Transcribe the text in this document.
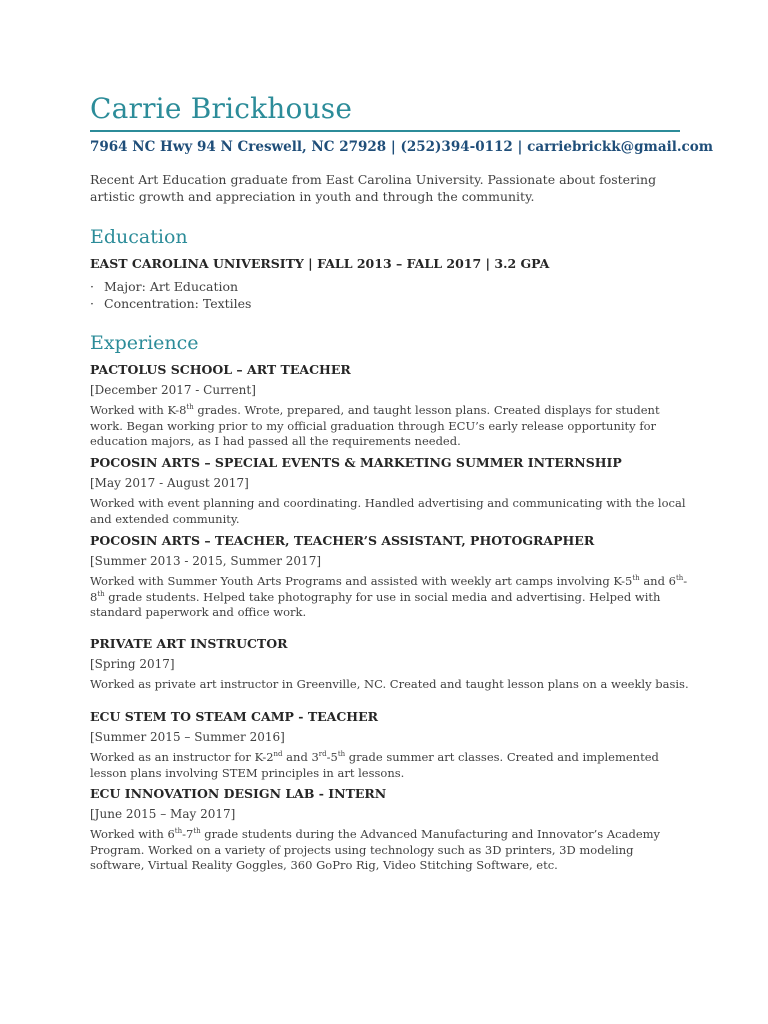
Carrie Brickhouse
7964 NC Hwy 94 N Creswell, NC 27928 | (252)394-0112 | carriebrickk@gmail.com
Recent Art Education graduate from East Carolina University. Passionate about fostering artistic growth and appreciation in youth and through the community.
Education
EAST CAROLINA UNIVERSITY | FALL 2013 – FALL 2017 | 3.2 GPA
· Major: Art Education
· Concentration: Textiles
Experience
PACTOLUS SCHOOL – ART TEACHER
[December 2017 - Current]
Worked with K-8th grades. Wrote, prepared, and taught lesson plans. Created displays for student work. Began working prior to my official graduation through ECU’s early release opportunity for education majors, as I had passed all the requirements needed.
POCOSIN ARTS – SPECIAL EVENTS & MARKETING SUMMER INTERNSHIP
[May 2017 - August 2017]
Worked with event planning and coordinating. Handled advertising and communicating with the local and extended community.
POCOSIN ARTS – TEACHER, TEACHER’S ASSISTANT, PHOTOGRAPHER
[Summer 2013 - 2015, Summer 2017]
Worked with Summer Youth Arts Programs and assisted with weekly art camps involving K-5th and 6th-8th grade students. Helped take photography for use in social media and advertising. Helped with standard paperwork and office work.
PRIVATE ART INSTRUCTOR
[Spring 2017]
Worked as private art instructor in Greenville, NC. Created and taught lesson plans on a weekly basis.
ECU STEM TO STEAM CAMP - TEACHER
[Summer 2015 – Summer 2016]
Worked as an instructor for K-2nd and 3rd-5th grade summer art classes. Created and implemented lesson plans involving STEM principles in art lessons.
ECU INNOVATION DESIGN LAB - INTERN
[June 2015 – May 2017]
Worked with 6th-7th grade students during the Advanced Manufacturing and Innovator’s Academy Program. Worked on a variety of projects using technology such as 3D printers, 3D modeling software, Virtual Reality Goggles, 360 GoPro Rig, Video Stitching Software, etc.
